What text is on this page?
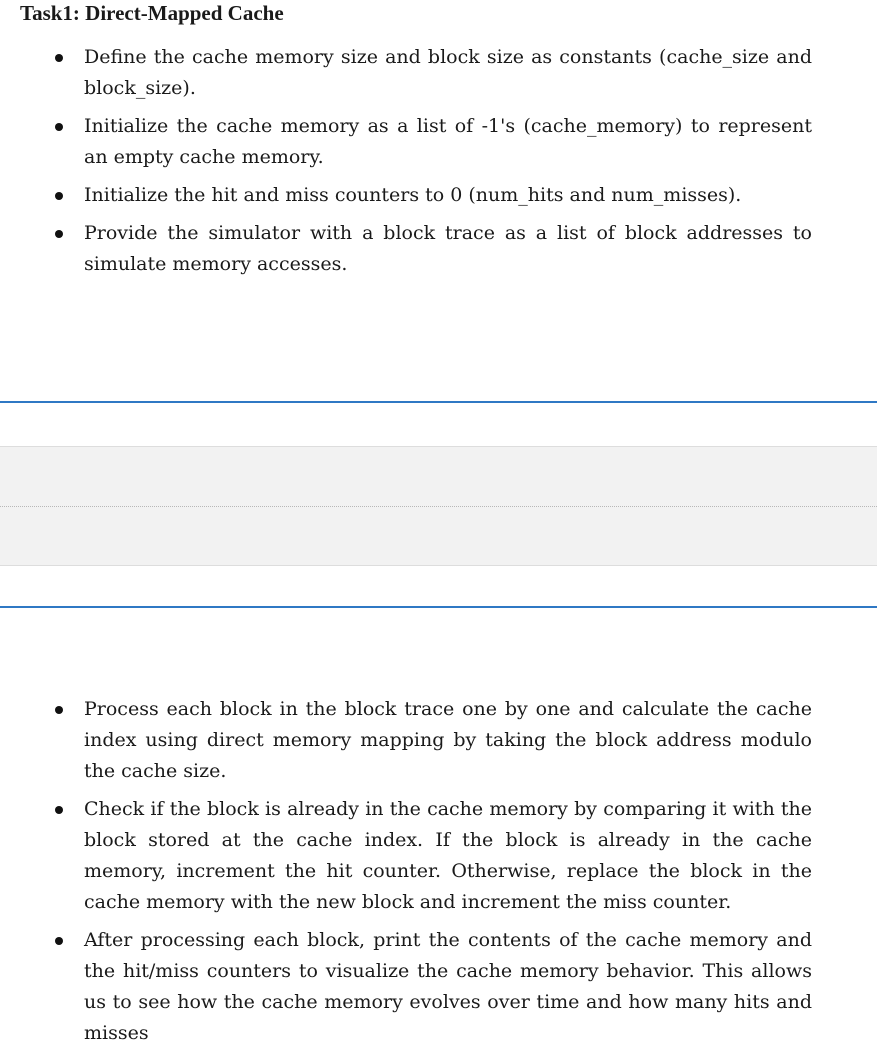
Task1: Direct-Mapped Cache
Define the cache memory size and block size as constants (cache_size and block_size).
Initialize the cache memory as a list of -1's (cache_memory) to represent an empty cache memory.
Initialize the hit and miss counters to 0 (num_hits and num_misses).
Provide the simulator with a block trace as a list of block addresses to simulate memory accesses.
Process each block in the block trace one by one and calculate the cache index using direct memory mapping by taking the block address modulo the cache size.
Check if the block is already in the cache memory by comparing it with the block stored at the cache index. If the block is already in the cache memory, increment the hit counter. Otherwise, replace the block in the cache memory with the new block and increment the miss counter.
After processing each block, print the contents of the cache memory and the hit/miss counters to visualize the cache memory behavior. This allows us to see how the cache memory evolves over time and how many hits and misses
